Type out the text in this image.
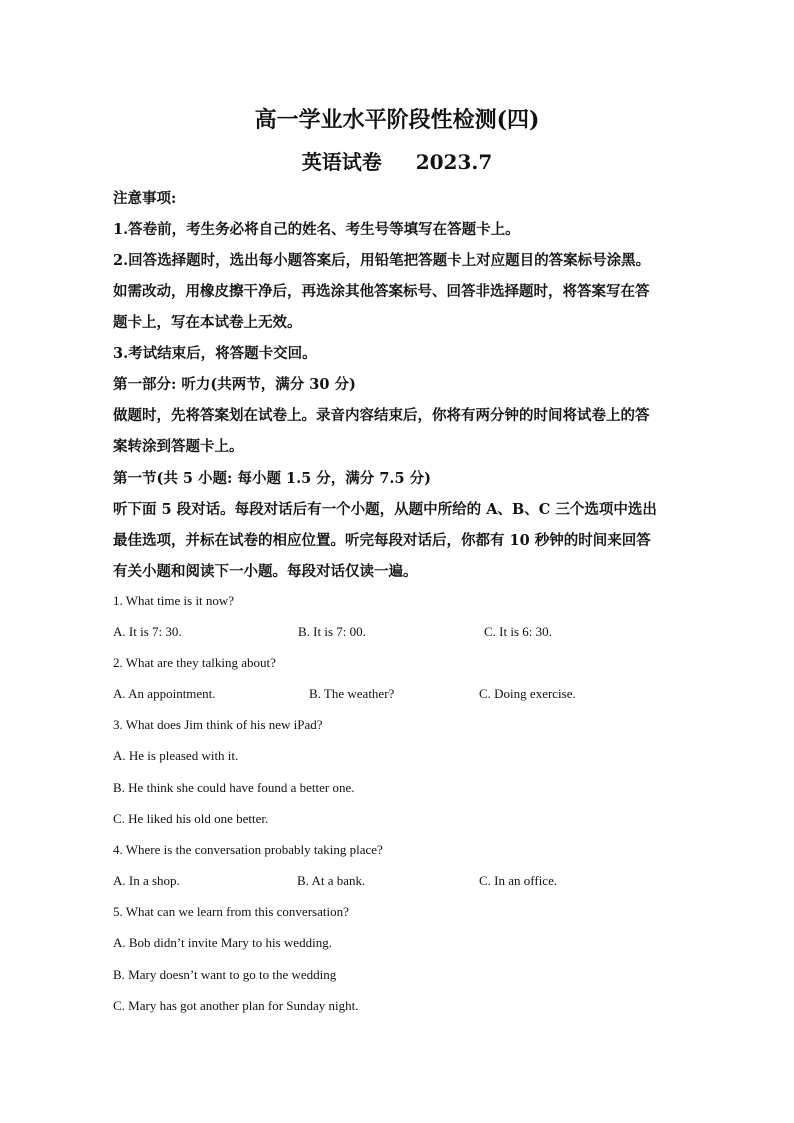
高一学业水平阶段性检测(四)
英语试卷 2023.7
注意事项:
1.答卷前，考生务必将自己的姓名、考生号等填写在答题卡上。
2.回答选择题时，选出每小题答案后，用铅笔把答题卡上对应题目的答案标号涂黑。
如需改动，用橡皮擦干净后，再选涂其他答案标号、回答非选择题时，将答案写在答
题卡上，写在本试卷上无效。
3.考试结束后，将答题卡交回。
第一部分: 听力(共两节，满分 30 分)
做题时，先将答案划在试卷上。录音内容结束后，你将有两分钟的时间将试卷上的答
案转涂到答题卡上。
第一节(共 5 小题: 每小题 1.5 分，满分 7.5 分)
听下面 5 段对话。每段对话后有一个小题，从题中所给的 A、B、C 三个选项中选出
最佳选项，并标在试卷的相应位置。听完每段对话后，你都有 10 秒钟的时间来回答
有关小题和阅读下一小题。每段对话仅读一遍。
1. What time is it now?
A. It is 7: 30.	B. It is 7: 00.	C. It is 6: 30.
2. What are they talking about?
A. An appointment.	B. The weather?	C. Doing exercise.
3. What does Jim think of his new iPad?
A. He is pleased with it.
B. He think she could have found a better one.
C. He liked his old one better.
4. Where is the conversation probably taking place?
A. In a shop.	B. At a bank.	C. In an office.
5. What can we learn from this conversation?
A. Bob didn’t invite Mary to his wedding.
B. Mary doesn’t want to go to the wedding
C. Mary has got another plan for Sunday night.
